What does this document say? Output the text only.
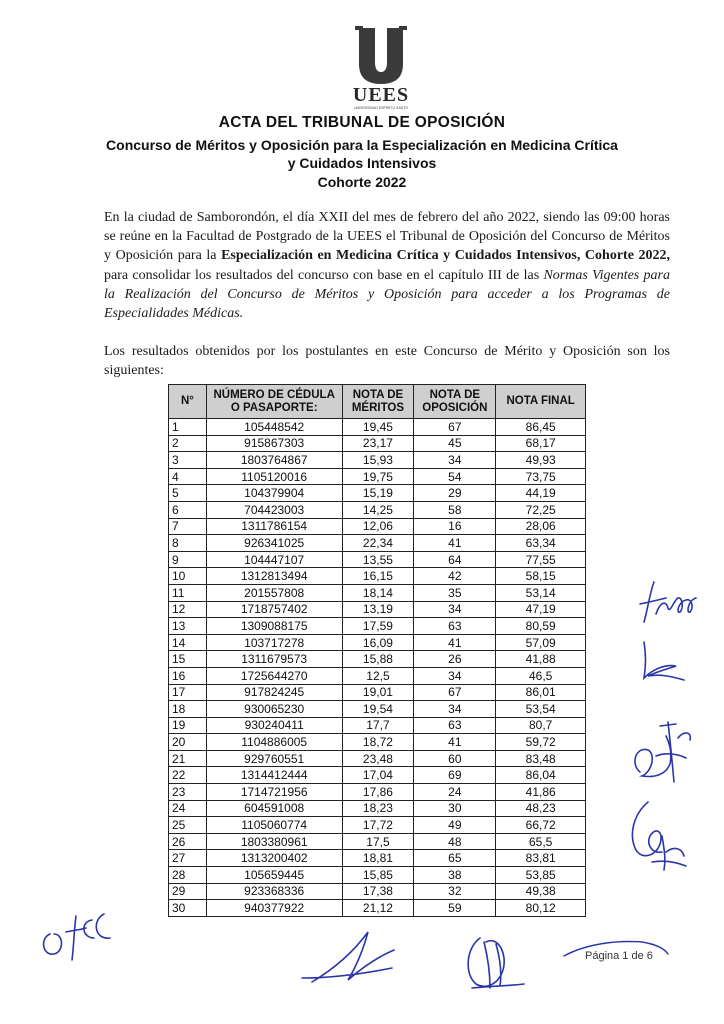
UEES
UNIVERSIDAD ESPÍRITU SANTO
ACTA DEL TRIBUNAL DE OPOSICIÓN
Concurso de Méritos y Oposición para la Especialización en Medicina Crítica
y Cuidados Intensivos
Cohorte 2022
En la ciudad de Samborondón, el día XXII del mes de febrero del año 2022, siendo las 09:00 horas se reúne en la Facultad de Postgrado de la UEES el Tribunal de Oposición del Concurso de Méritos y Oposición para la Especialización en Medicina Crítica y Cuidados Intensivos, Cohorte 2022, para consolidar los resultados del concurso con base en el capítulo III de las Normas Vigentes para la Realización del Concurso de Méritos y Oposición para acceder a los Programas de Especialidades Médicas.
Los resultados obtenidos por los postulantes en este Concurso de Mérito y Oposición son los siguientes:
N°	NÚMERO DE CÉDULA O PASAPORTE:	NOTA DE MÉRITOS	NOTA DE OPOSICIÓN	NOTA FINAL
1	105448542	19,45	67	86,45
2	915867303	23,17	45	68,17
3	1803764867	15,93	34	49,93
4	1105120016	19,75	54	73,75
5	104379904	15,19	29	44,19
6	704423003	14,25	58	72,25
7	1311786154	12,06	16	28,06
8	926341025	22,34	41	63,34
9	104447107	13,55	64	77,55
10	1312813494	16,15	42	58,15
11	201557808	18,14	35	53,14
12	1718757402	13,19	34	47,19
13	1309088175	17,59	63	80,59
14	103717278	16,09	41	57,09
15	1311679573	15,88	26	41,88
16	1725644270	12,5	34	46,5
17	917824245	19,01	67	86,01
18	930065230	19,54	34	53,54
19	930240411	17,7	63	80,7
20	1104886005	18,72	41	59,72
21	929760551	23,48	60	83,48
22	1314412444	17,04	69	86,04
23	1714721956	17,86	24	41,86
24	604591008	18,23	30	48,23
25	1105060774	17,72	49	66,72
26	1803380961	17,5	48	65,5
27	1313200402	18,81	65	83,81
28	105659445	15,85	38	53,85
29	923368336	17,38	32	49,38
30	940377922	21,12	59	80,12
Página 1 de 6
